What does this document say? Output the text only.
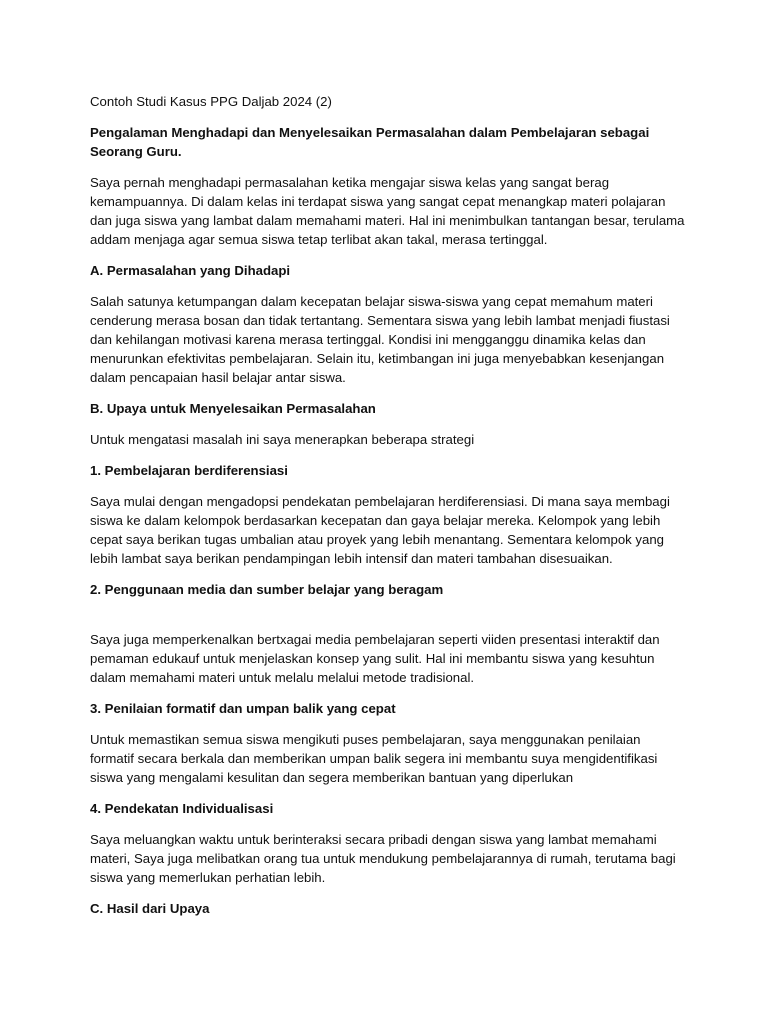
Contoh Studi Kasus PPG Daljab 2024 (2)
Pengalaman Menghadapi dan Menyelesaikan Permasalahan dalam Pembelajaran sebagai Seorang Guru.
Saya pernah menghadapi permasalahan ketika mengajar siswa kelas yang sangat berag kemampuannya. Di dalam kelas ini terdapat siswa yang sangat cepat menangkap materi polajaran dan juga siswa yang lambat dalam memahami materi. Hal ini menimbulkan tantangan besar, terulama addam menjaga agar semua siswa tetap terlibat akan takal, merasa tertinggal.
A. Permasalahan yang Dihadapi
Salah satunya ketumpangan dalam kecepatan belajar siswa-siswa yang cepat memahum materi cenderung merasa bosan dan tidak tertantang. Sementara siswa yang lebih lambat menjadi fiustasi dan kehilangan motivasi karena merasa tertinggal. Kondisi ini mengganggu dinamika kelas dan menurunkan efektivitas pembelajaran. Selain itu, ketimbangan ini juga menyebabkan kesenjangan dalam pencapaian hasil belajar antar siswa.
B. Upaya untuk Menyelesaikan Permasalahan
Untuk mengatasi masalah ini saya menerapkan beberapa strategi
1. Pembelajaran berdiferensiasi
Saya mulai dengan mengadopsi pendekatan pembelajaran herdiferensiasi. Di mana saya membagi siswa ke dalam kelompok berdasarkan kecepatan dan gaya belajar mereka. Kelompok yang lebih cepat saya berikan tugas umbalian atau proyek yang lebih menantang. Sementara kelompok yang lebih lambat saya berikan pendampingan lebih intensif dan materi tambahan disesuaikan.
2. Penggunaan media dan sumber belajar yang beragam
Saya juga memperkenalkan bertxagai media pembelajaran seperti viiden presentasi interaktif dan pemaman edukauf untuk menjelaskan konsep yang sulit. Hal ini membantu siswa yang kesuhtun dalam memahami materi untuk melalu melalui metode tradisional.
3. Penilaian formatif dan umpan balik yang cepat
Untuk memastikan semua siswa mengikuti puses pembelajaran, saya menggunakan penilaian formatif secara berkala dan memberikan umpan balik segera ini membantu suya mengidentifikasi siswa yang mengalami kesulitan dan segera memberikan bantuan yang diperlukan
4. Pendekatan Individualisasi
Saya meluangkan waktu untuk berinteraksi secara pribadi dengan siswa yang lambat memahami materi, Saya juga melibatkan orang tua untuk mendukung pembelajarannya di rumah, terutama bagi siswa yang memerlukan perhatian lebih.
C. Hasil dari Upaya
